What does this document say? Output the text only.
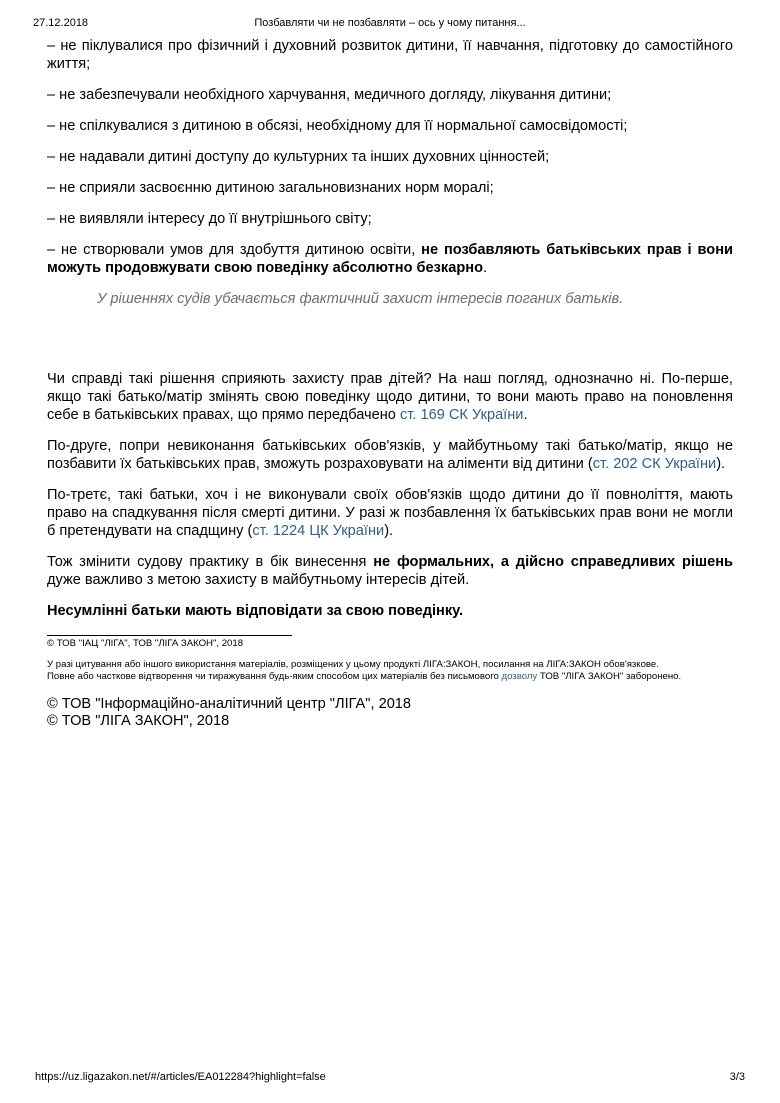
27.12.2018	Позбавляти чи не позбавляти – ось у чому питання...

– не піклувалися про фізичний і духовний розвиток дитини, її навчання, підготовку до самостійного життя;

– не забезпечували необхідного харчування, медичного догляду, лікування дитини;

– не спілкувалися з дитиною в обсязі, необхідному для її нормальної самосвідомості;

– не надавали дитині доступу до культурних та інших духовних цінностей;

– не сприяли засвоєнню дитиною загальновизнаних норм моралі;

– не виявляли інтересу до її внутрішнього світу;

– не створювали умов для здобуття дитиною освіти, не позбавляють батьківських прав і вони можуть продовжувати свою поведінку абсолютно безкарно.

У рішеннях судів убачається фактичний захист інтересів поганих батьків.

Чи справді такі рішення сприяють захисту прав дітей? На наш погляд, однозначно ні. По-перше, якщо такі батько/матір змінять свою поведінку щодо дитини, то вони мають право на поновлення себе в батьківських правах, що прямо передбачено ст. 169 СК України.

По-друге, попри невиконання батьківських обов'язків, у майбутньому такі батько/матір, якщо не позбавити їх батьківських прав, зможуть розраховувати на аліменти від дитини (ст. 202 СК України).

По-третє, такі батьки, хоч і не виконували своїх обов'язків щодо дитини до її повноліття, мають право на спадкування після смерті дитини. У разі ж позбавлення їх батьківських прав вони не могли б претендувати на спадщину (ст. 1224 ЦК України).

Тож змінити судову практику в бік винесення не формальних, а дійсно справедливих рішень дуже важливо з метою захисту в майбутньому інтересів дітей.

Несумлінні батьки мають відповідати за свою поведінку.

© ТОВ "ІАЦ "ЛІГА", ТОВ "ЛІГА ЗАКОН", 2018
У разі цитування або іншого використання матеріалів, розміщених у цьому продукті ЛІГА:ЗАКОН, посилання на ЛІГА:ЗАКОН обов'язкове.
Повне або часткове відтворення чи тиражування будь-яким способом цих матеріалів без письмового дозволу ТОВ "ЛІГА ЗАКОН" заборонено.
© ТОВ "Інформаційно-аналітичний центр "ЛІГА", 2018
© ТОВ "ЛІГА ЗАКОН", 2018
https://uz.ligazakon.net/#/articles/EA012284?highlight=false	3/3
